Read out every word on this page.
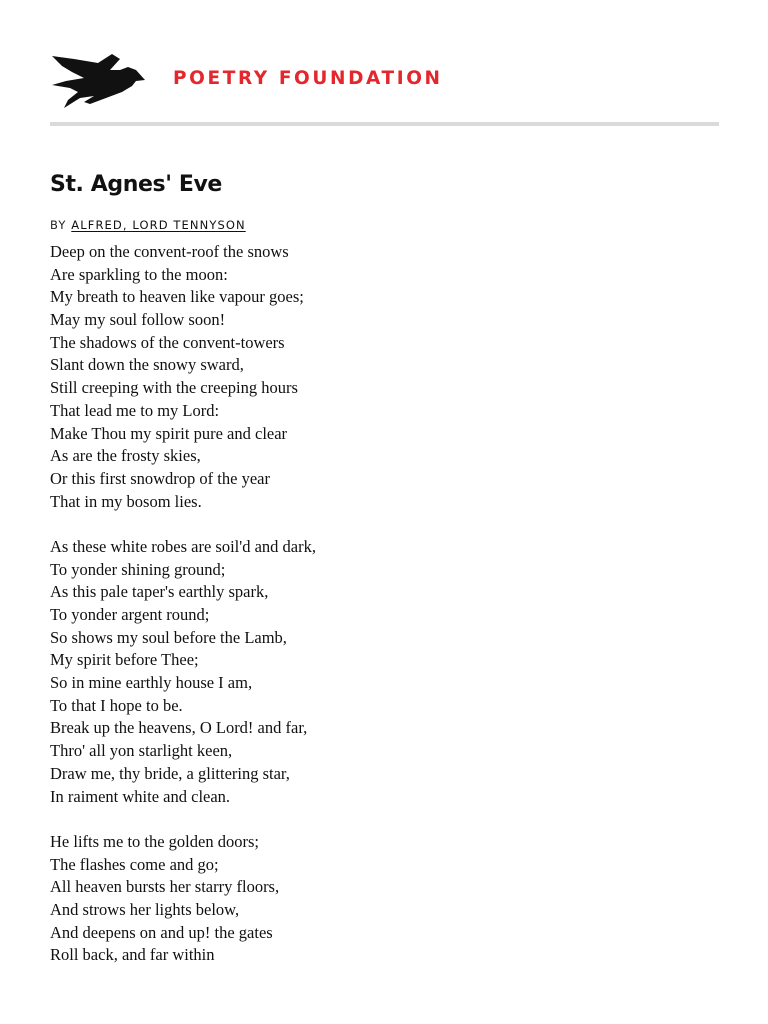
POETRY FOUNDATION
St. Agnes' Eve
BY ALFRED, LORD TENNYSON
Deep on the convent-roof the snows
Are sparkling to the moon:
My breath to heaven like vapour goes;
May my soul follow soon!
The shadows of the convent-towers
Slant down the snowy sward,
Still creeping with the creeping hours
That lead me to my Lord:
Make Thou my spirit pure and clear
As are the frosty skies,
Or this first snowdrop of the year
That in my bosom lies.
As these white robes are soil'd and dark,
To yonder shining ground;
As this pale taper's earthly spark,
To yonder argent round;
So shows my soul before the Lamb,
My spirit before Thee;
So in mine earthly house I am,
To that I hope to be.
Break up the heavens, O Lord! and far,
Thro' all yon starlight keen,
Draw me, thy bride, a glittering star,
In raiment white and clean.
He lifts me to the golden doors;
The flashes come and go;
All heaven bursts her starry floors,
And strows her lights below,
And deepens on and up! the gates
Roll back, and far within
